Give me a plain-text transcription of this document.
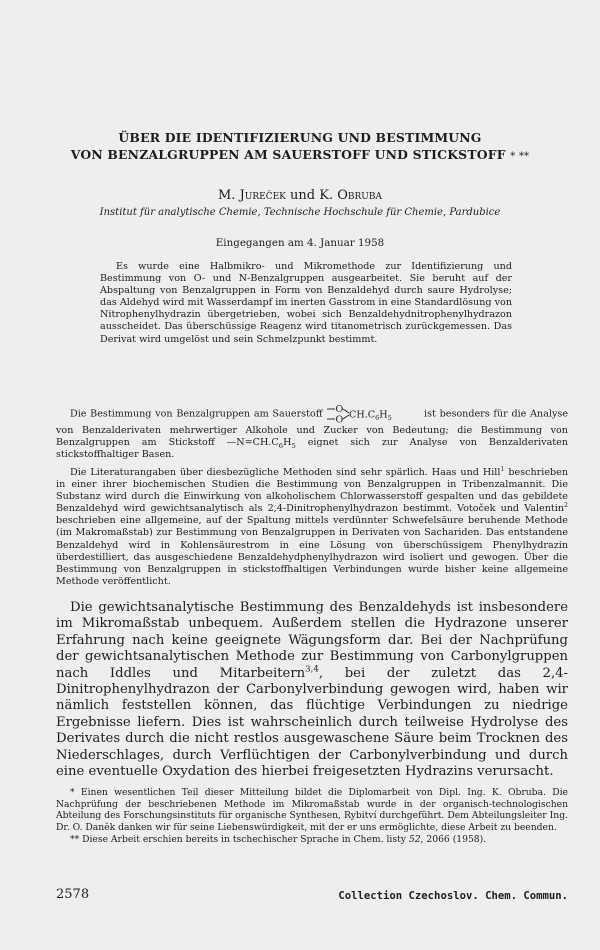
ÜBER DIE IDENTIFIZIERUNG UND BESTIMMUNG
VON BENZALGRUPPEN AM SAUERSTOFF UND STICKSTOFF * **
M. Jureček und K. Obruba
Institut für analytische Chemie, Technische Hochschule für Chemie, Pardubice
Eingegangen am 4. Januar 1958

Es wurde eine Halbmikro- und Mikromethode zur Identifizierung und Bestimmung von O- und N-Benzalgruppen ausgearbeitet. Sie beruht auf der Abspaltung von Benzalgruppen in Form von Benzaldehyd durch saure Hydrolyse; das Aldehyd wird mit Wasserdampf im inerten Gasstrom in eine Standardlösung von Nitrophenylhydrazin übergetrieben, wobei sich Benzaldehydnitrophenylhydrazon ausscheidet. Das überschüssige Reagenz wird titanometrisch zurückgemessen. Das Derivat wird umgelöst und sein Schmelzpunkt bestimmt.

Die Bestimmung von Benzalgruppen am Sauerstoff O
O $CH.C_6H_5$	ist besonders für die Analyse von Benzalderivaten mehrwertiger Alkohole und Zucker von Bedeutung; die Bestimmung von Benzalgruppen am Stickstoff $—N=CH.C_6H_5$ eignet sich zur Analyse von Benzalderivaten stickstoffhaltiger Basen.

Die Literaturangaben über diesbezügliche Methoden sind sehr spärlich. Haas und Hill$^1$ beschrieben in einer ihrer biochemischen Studien die Bestimmung von Benzalgruppen in Tribenzalmannit. Die Substanz wird durch die Einwirkung von alkoholischem Chlorwasserstoff gespalten und das gebildete Benzaldehyd wird gewichtsanalytisch als 2,4-Dinitrophenylhydrazon bestimmt. Votoček und Valentin$^2$ beschrieben eine allgemeine, auf der Spaltung mittels verdünnter Schwefelsäure beruhende Methode (im Makromaßstab) zur Bestimmung von Benzalgruppen in Derivaten von Sachariden. Das entstandene Benzaldehyd wird in Kohlensäurestrom in eine Lösung von überschüssigem Phenylhydrazin überdestilliert, das ausgeschiedene Benzaldehydphenylhydrazon wird isoliert und gewogen. Über die Bestimmung von Benzalgruppen in stickstoffhaltigen Verbindungen wurde bisher keine allgemeine Methode veröffentlicht.

Die gewichtsanalytische Bestimmung des Benzaldehyds ist insbesondere im Mikromaßstab unbequem. Außerdem stellen die Hydrazone unserer Erfahrung nach keine geeignete Wägungsform dar. Bei der Nachprüfung der gewichtsanalytischen Methode zur Bestimmung von Carbonylgruppen nach Iddles und Mitarbeitern$^{3,4}$, bei der zuletzt das 2,4-Dinitrophenylhydrazon der Carbonylverbindung gewogen wird, haben wir nämlich feststellen können, das flüchtige Verbindungen zu niedrige Ergebnisse liefern. Dies ist wahrscheinlich durch teilweise Hydrolyse des Derivates durch die nicht restlos ausgewaschene Säure beim Trocknen des Niederschlages, durch Verflüchtigen der Carbonylverbindung und durch eine eventuelle Oxydation des hierbei freigesetzten Hydrazins verursacht.

* Einen wesentlichen Teil dieser Mitteilung bildet die Diplomarbeit von Dipl. Ing. K. Obruba. Die Nachprüfung der beschriebenen Methode im Mikromaßstab wurde in der organisch-technologischen Abteilung des Forschungsinstituts für organische Synthesen, Rybitví durchgeführt. Dem Abteilungsleiter Ing. Dr. O. Danĕk danken wir für seine Liebenswürdigkeit, mit der er uns ermöglichte, diese Arbeit zu beenden.

** Diese Arbeit erschien bereits in tschechischer Sprache in Chem. listy 52, 2066 (1958).

2578	Collection Czechoslov. Chem. Commun.
